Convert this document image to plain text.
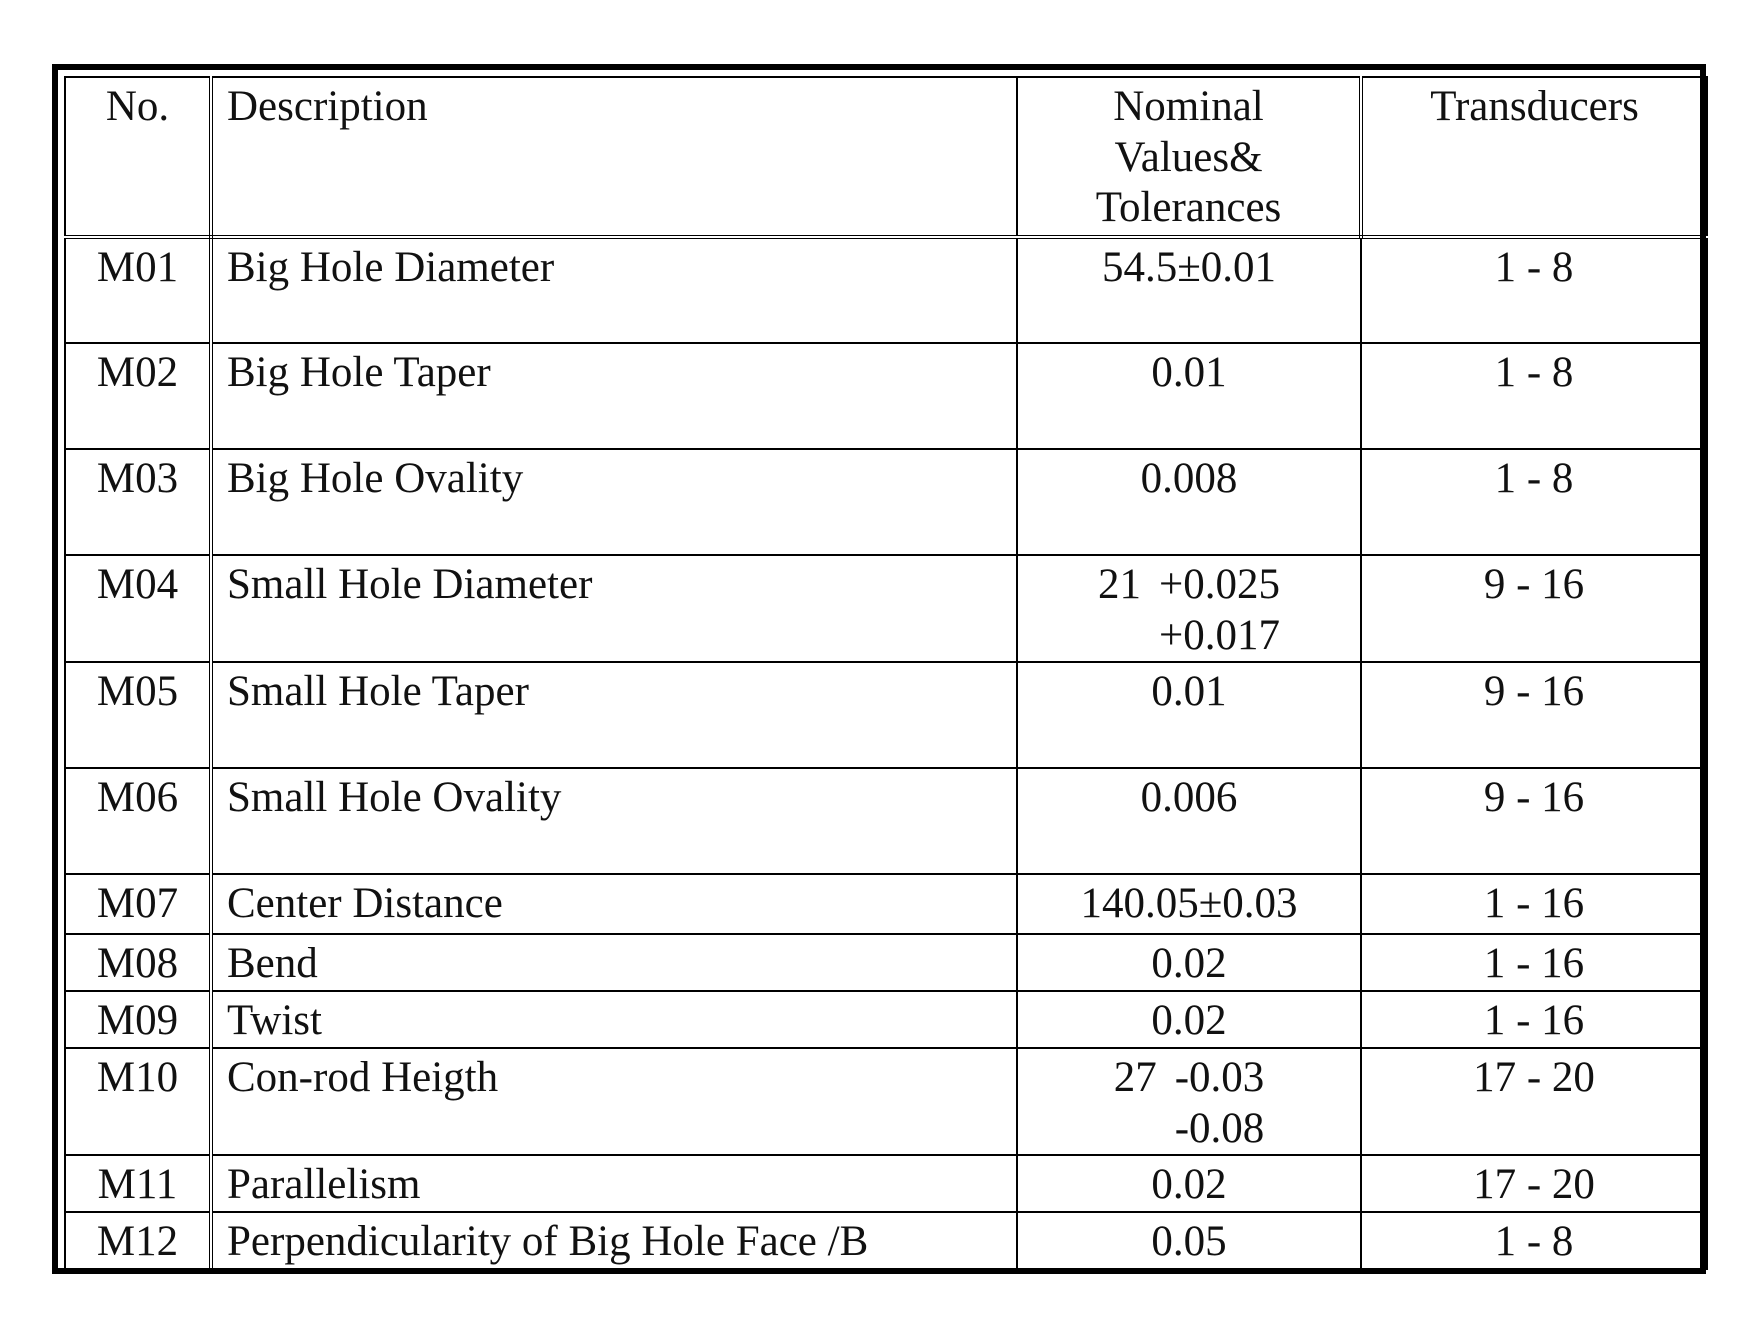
No.	Description	Nominal
Values&
Tolerances	Transducers
M01	Big Hole Diameter	54.5±0.01	1 - 8
M02	Big Hole Taper	0.01	1 - 8
M03	Big Hole Ovality	0.008	1 - 8
M04	Small Hole Diameter	21 +0.025
+0.017	9 - 16
M05	Small Hole Taper	0.01	9 - 16
M06	Small Hole Ovality	0.006	9 - 16
M07	Center Distance	140.05±0.03	1 - 16
M08	Bend	0.02	1 - 16
M09	Twist	0.02	1 - 16
M10	Con-rod Heigth	27 -0.03
-0.08	17 - 20
M11	Parallelism	0.02	17 - 20
M12	Perpendicularity of Big Hole Face /B	0.05	1 - 8
